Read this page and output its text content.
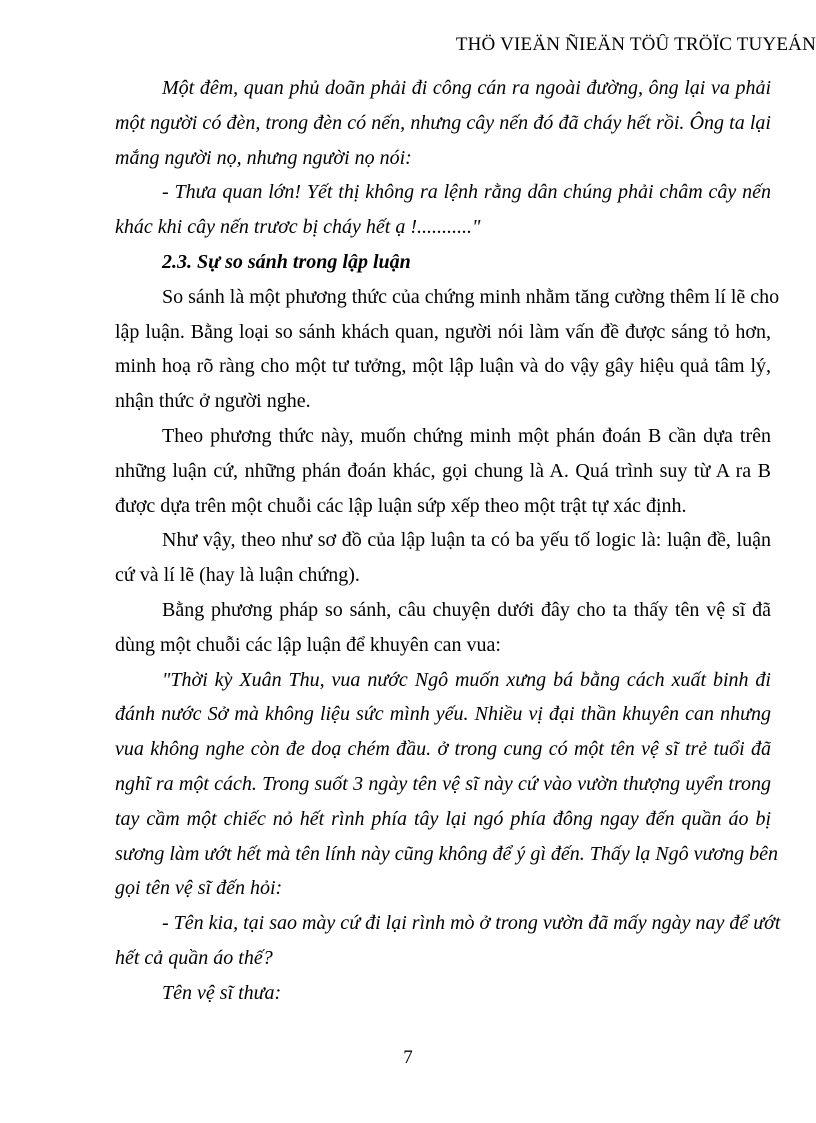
THÖ VIEÄN ÑIEÄN TÖÛ TRÖÏC TUYEÁN
Một đêm, quan phủ doãn phải đi công cán ra ngoài đường, ông lại va phải
một người có đèn, trong đèn có nến, nhưng cây nến đó đã cháy hết rồi. Ông ta lại
mắng người nọ, nhưng người nọ nói:
- Thưa quan lớn! Yết thị không ra lệnh rằng dân chúng phải châm cây nến
khác khi cây nến trươc bị cháy hết ạ !..........."
2.3. Sự so sánh trong lập luận
So sánh là một phương thức của chứng minh nhằm tăng cường thêm lí lẽ cho
lập luận. Bằng loại so sánh khách quan, người nói làm vấn đề được sáng tỏ hơn,
minh hoạ rõ ràng cho một tư tưởng, một lập luận và do vậy gây hiệu quả tâm lý,
nhận thức ở người nghe.
Theo phương thức này, muốn chứng minh một phán đoán B cần dựa trên
những luận cứ, những phán đoán khác, gọi chung là A. Quá trình suy từ A ra B
được dựa trên một chuỗi các lập luận sứp xếp theo một trật tự xác định.
Như vậy, theo như sơ đồ của lập luận ta có ba yếu tố logic là: luận đề, luận
cứ và lí lẽ (hay là luận chứng).
Bằng phương pháp so sánh, câu chuyện dưới đây cho ta thấy tên vệ sĩ đã
dùng một chuỗi các lập luận để khuyên can vua:
"Thời kỳ Xuân Thu, vua nước Ngô muốn xưng bá bằng cách xuất binh đi
đánh nước Sở mà không liệu sức mình yếu. Nhiều vị đại thần khuyên can nhưng
vua không nghe còn đe doạ chém đầu. ở trong cung có một tên vệ sĩ trẻ tuổi đã
nghĩ ra một cách. Trong suốt 3 ngày tên vệ sĩ này cứ vào vườn thượng uyển trong
tay cầm một chiếc nỏ hết rình phía tây lại ngó phía đông ngay đến quần áo bị
sương làm ướt hết mà tên lính này cũng không để ý gì đến. Thấy lạ Ngô vương bên
gọi tên vệ sĩ đến hỏi:
- Tên kia, tại sao mày cứ đi lại rình mò ở trong vườn đã mấy ngày nay để ướt
hết cả quần áo thế?
Tên vệ sĩ thưa:
7
